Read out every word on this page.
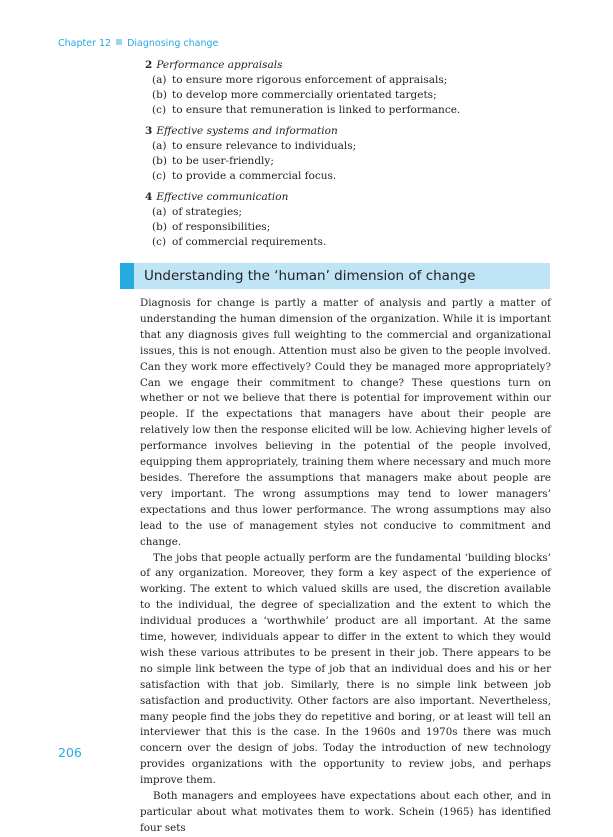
Chapter 12 Diagnosing change
2 Performance appraisals
(a) to ensure more rigorous enforcement of appraisals;
(b) to develop more commercially orientated targets;
(c) to ensure that remuneration is linked to performance.
3 Effective systems and information
(a) to ensure relevance to individuals;
(b) to be user-friendly;
(c) to provide a commercial focus.
4 Effective communication
(a) of strategies;
(b) of responsibilities;
(c) of commercial requirements.
Understanding the ‘human’ dimension of change

Diagnosis for change is partly a matter of analysis and partly a matter of understanding the human dimension of the organization. While it is important that any diagnosis gives full weighting to the commercial and organizational issues, this is not enough. Attention must also be given to the people involved. Can they work more effectively? Could they be managed more appropriately? Can we engage their commitment to change? These questions turn on whether or not we believe that there is potential for improvement within our people. If the expectations that managers have about their people are relatively low then the response elicited will be low. Achieving higher levels of performance involves believing in the potential of the people involved, equipping them appropriately, training them where necessary and much more besides. Therefore the assumptions that managers make about people are very important. The wrong assumptions may tend to lower managers’ expectations and thus lower performance. The wrong assumptions may also lead to the use of management styles not conducive to commitment and change.

The jobs that people actually perform are the fundamental ‘building blocks’ of any organization. Moreover, they form a key aspect of the experience of working. The extent to which valued skills are used, the discretion available to the individual, the degree of specialization and the extent to which the individual produces a ‘worthwhile’ product are all important. At the same time, however, individuals appear to differ in the extent to which they would wish these various attributes to be present in their job. There appears to be no simple link between the type of job that an individual does and his or her satisfaction with that job. Similarly, there is no simple link between job satisfaction and productivity. Other factors are also important. Nevertheless, many people find the jobs they do repetitive and boring, or at least will tell an interviewer that this is the case. In the 1960s and 1970s there was much concern over the design of jobs. Today the introduction of new technology provides organizations with the opportunity to review jobs, and perhaps improve them.

Both managers and employees have expectations about each other, and in particular about what motivates them to work. Schein (1965) has identified four sets

206
